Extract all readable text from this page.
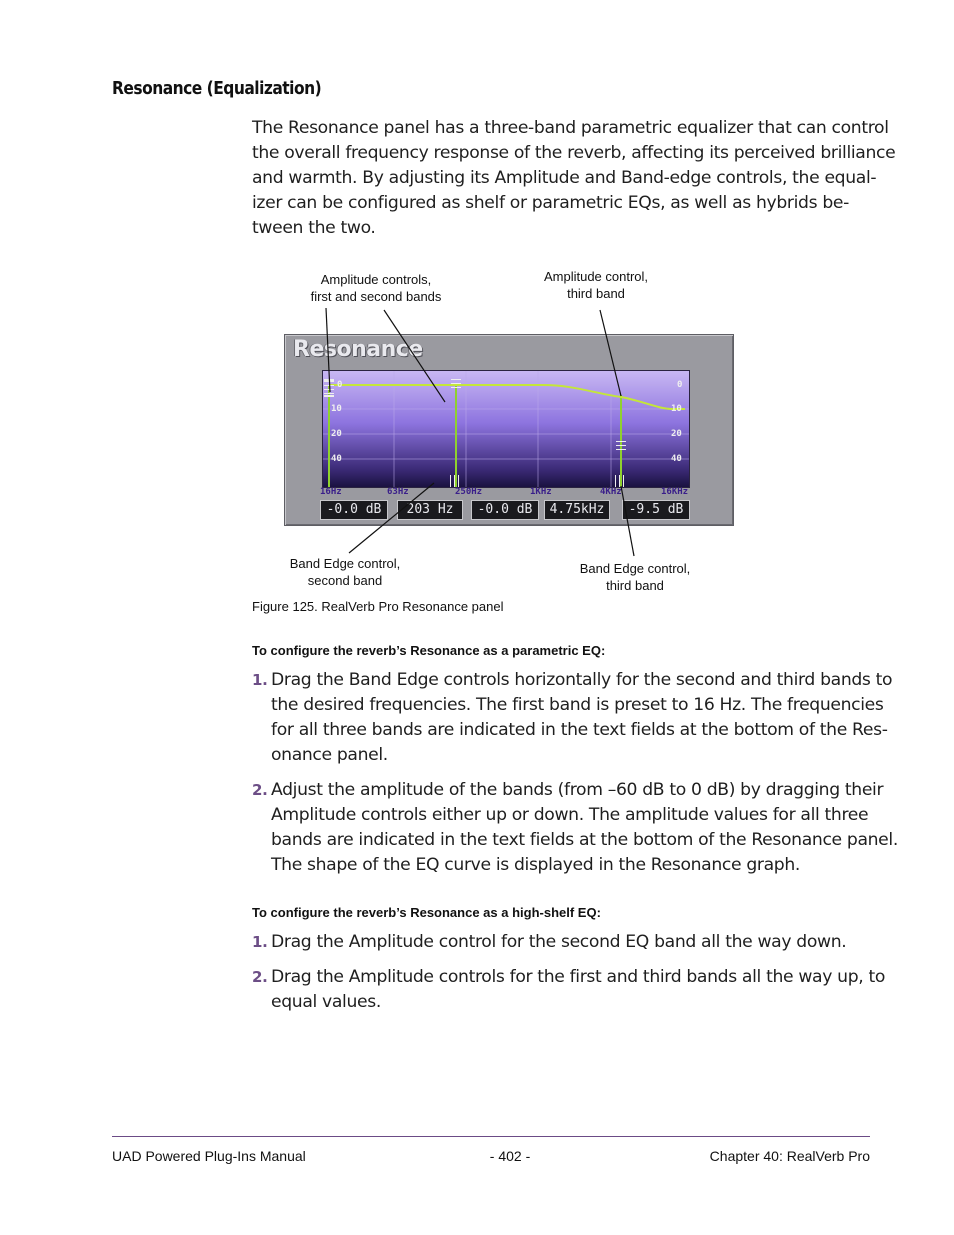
Resonance (Equalization)
The Resonance panel has a three-band parametric equalizer that can control
the overall frequency response of the reverb, affecting its perceived brilliance
and warmth. By adjusting its Amplitude and Band-edge controls, the equal-
izer can be configured as shelf or parametric EQs, as well as hybrids be-
tween the two.
Amplitude controls,
first and second bands
Amplitude control,
third band
Band Edge control,
second band
Band Edge control,
third band
Resonance
0
10
20
40
0
10
20
40
16Hz	63Hz	250Hz	1KHz	4KHz	16KHz
-0.0 dB	203 Hz	-0.0 dB	4.75kHz	-9.5 dB
Figure 125. RealVerb Pro Resonance panel
To configure the reverb’s Resonance as a parametric EQ:
1. Drag the Band Edge controls horizontally for the second and third bands to
the desired frequencies. The first band is preset to 16 Hz. The frequencies
for all three bands are indicated in the text fields at the bottom of the Res-
onance panel.
2. Adjust the amplitude of the bands (from –60 dB to 0 dB) by dragging their
Amplitude controls either up or down. The amplitude values for all three
bands are indicated in the text fields at the bottom of the Resonance panel.
The shape of the EQ curve is displayed in the Resonance graph.
To configure the reverb’s Resonance as a high-shelf EQ:
1. Drag the Amplitude control for the second EQ band all the way down.
2. Drag the Amplitude controls for the first and third bands all the way up, to
equal values.
UAD Powered Plug-Ins Manual	- 402 -	Chapter 40: RealVerb Pro
